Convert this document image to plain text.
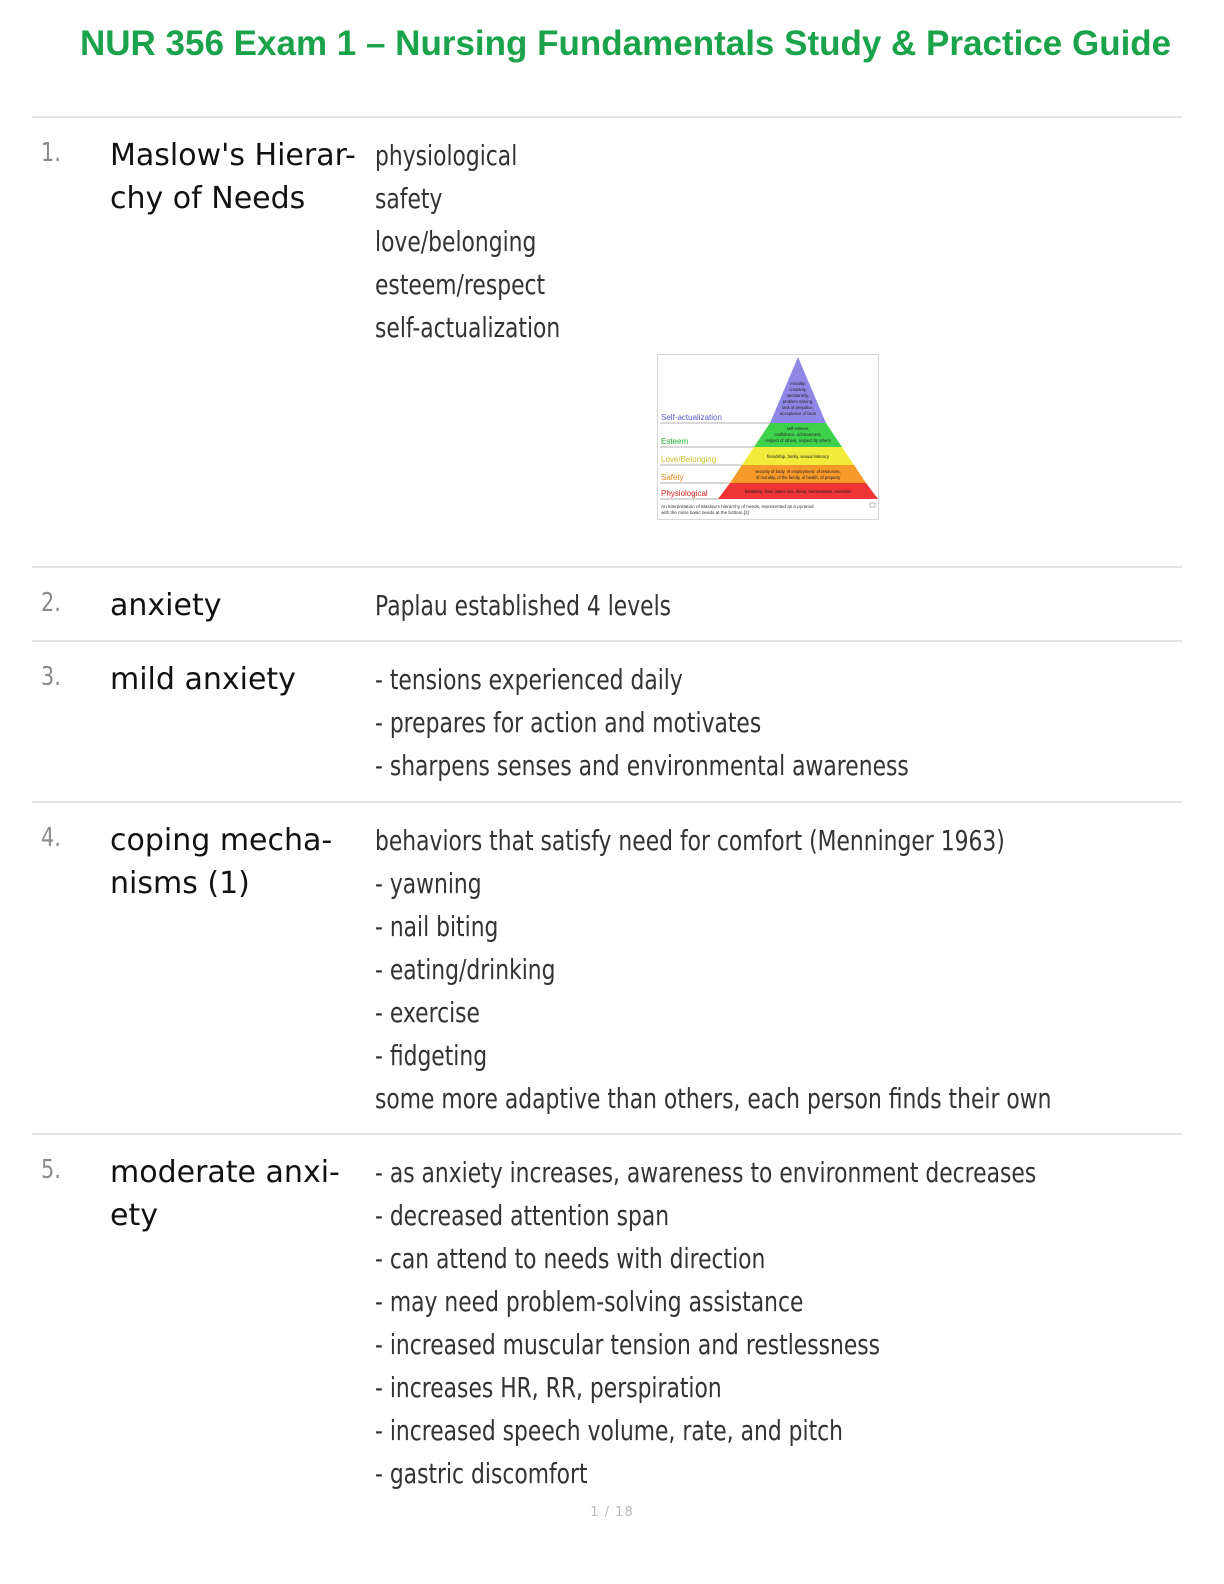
NUR 356 Exam 1 – Nursing Fundamentals Study & Practice Guide
1. Maslow's Hierar-
chy of Needs
physiological
safety
love/belonging
esteem/respect
self-actualization
Self-actualization
Esteem
Love/Belonging
Safety
Physiological
morality,
creativity,
spontaneity,
problem solving,
lack of prejudice,
acceptance of facts
self-esteem,
confidence, achievement,
respect of others, respect by others
friendship, family, sexual intimacy
security of body, of employment, of resources,
of morality, of the family, of health, of property
breathing, food, water, sex, sleep, homeostasis, excretion
An interpretation of Maslow's hierarchy of needs, represented as a pyramid
with the more basic needs at the bottom.[2]
2. anxiety	Paplau established 4 levels
3. mild anxiety	- tensions experienced daily
- prepares for action and motivates
- sharpens senses and environmental awareness
4. coping mecha-
nisms (1)
behaviors that satisfy need for comfort (Menninger 1963)
- yawning
- nail biting
- eating/drinking
- exercise
- fidgeting
some more adaptive than others, each person finds their own
5. moderate anxi-
ety
- as anxiety increases, awareness to environment decreases
- decreased attention span
- can attend to needs with direction
- may need problem-solving assistance
- increased muscular tension and restlessness
- increases HR, RR, perspiration
- increased speech volume, rate, and pitch
- gastric discomfort
1 / 18
